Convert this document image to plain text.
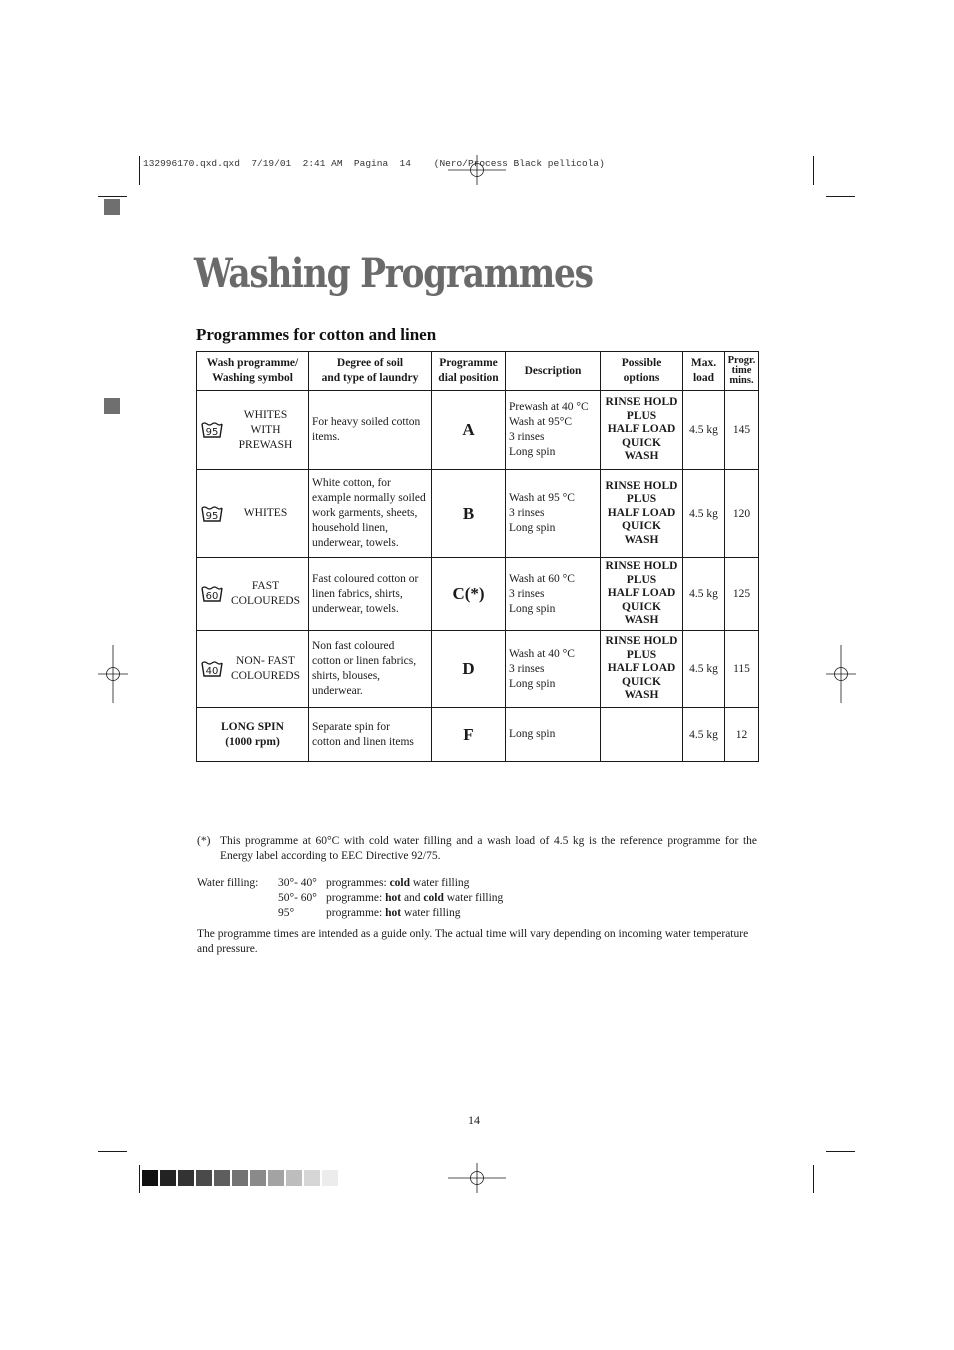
132996170.qxd.qxd  7/19/01  2:41 AM  Pagina  14    (Nero/Process Black pellicola)
Washing Programmes
Programmes for cotton and linen
Wash programme/
Washing symbol	Degree of soil
and type of laundry	Programme
dial position	Description	Possible
options	Max.
load	Progr.
time
mins.

95
WHITES
WITH
PREWASH	For heavy soiled cotton
items.	A	Prewash at 40 °C
Wash at 95°C
3 rinses
Long spin	RINSE HOLD
PLUS
HALF LOAD
QUICK
WASH	4.5 kg	145

95 WHITES	White cotton, for
example normally soiled
work garments, sheets,
household linen,
underwear, towels.	B	Wash at 95 °C
3 rinses
Long spin	RINSE HOLD
PLUS
HALF LOAD
QUICK
WASH	4.5 kg	120

60
FAST
COLOUREDS	Fast coloured cotton or
linen fabrics, shirts,
underwear, towels.	C(*)	Wash at 60 °C
3 rinses
Long spin	RINSE HOLD
PLUS
HALF LOAD
QUICK
WASH	4.5 kg	125

40
NON- FAST
COLOUREDS	Non fast coloured
cotton or linen fabrics,
shirts, blouses,
underwear.	D	Wash at 40 °C
3 rinses
Long spin	RINSE HOLD
PLUS
HALF LOAD
QUICK
WASH	4.5 kg	115

LONG SPIN
(1000 rpm)	Separate spin for
cotton and linen items	F	Long spin		4.5 kg	12
(*) This programme at 60°C with cold water filling and a wash load of 4.5 kg is the reference programme for the Energy label according to EEC Directive 92/75.
Water filling: 30°- 40° programmes: cold water filling
50°- 60° programme: hot and cold water filling
95°	programme: hot water filling
The programme times are intended as a guide only. The actual time will vary depending on incoming water temperature and pressure.
14
